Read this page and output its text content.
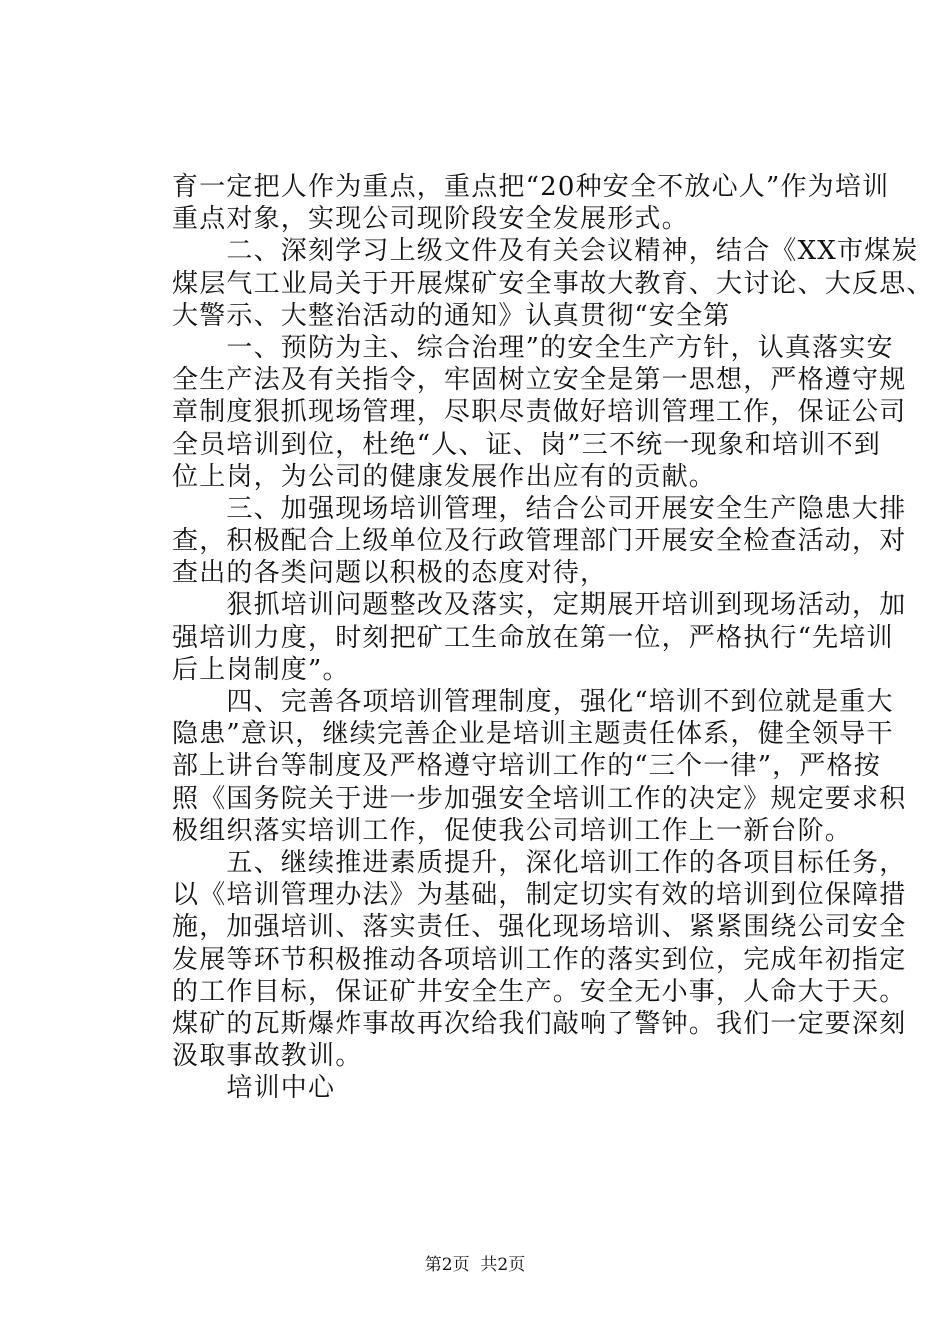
育一定把人作为重点，重点把“20种安全不放心人”作为培训
重点对象，实现公司现阶段安全发展形式。
　　二、深刻学习上级文件及有关会议精神，结合《XX市煤炭
煤层气工业局关于开展煤矿安全事故大教育、大讨论、大反思、
大警示、大整治活动的通知》认真贯彻“安全第
　　一、预防为主、综合治理”的安全生产方针，认真落实安
全生产法及有关指令，牢固树立安全是第一思想，严格遵守规
章制度狠抓现场管理，尽职尽责做好培训管理工作，保证公司
全员培训到位，杜绝“人、证、岗”三不统一现象和培训不到
位上岗，为公司的健康发展作出应有的贡献。
　　三、加强现场培训管理，结合公司开展安全生产隐患大排
查，积极配合上级单位及行政管理部门开展安全检查活动，对
查出的各类问题以积极的态度对待，
　　狠抓培训问题整改及落实，定期展开培训到现场活动，加
强培训力度，时刻把矿工生命放在第一位，严格执行“先培训
后上岗制度”。
　　四、完善各项培训管理制度，强化“培训不到位就是重大
隐患”意识，继续完善企业是培训主题责任体系，健全领导干
部上讲台等制度及严格遵守培训工作的“三个一律”，严格按
照《国务院关于进一步加强安全培训工作的决定》规定要求积
极组织落实培训工作，促使我公司培训工作上一新台阶。
　　五、继续推进素质提升，深化培训工作的各项目标任务，
以《培训管理办法》为基础，制定切实有效的培训到位保障措
施，加强培训、落实责任、强化现场培训、紧紧围绕公司安全
发展等环节积极推动各项培训工作的落实到位，完成年初指定
的工作目标，保证矿井安全生产。安全无小事，人命大于天。
煤矿的瓦斯爆炸事故再次给我们敲响了警钟。我们一定要深刻
汲取事故教训。
　　培训中心
第2页  共2页
